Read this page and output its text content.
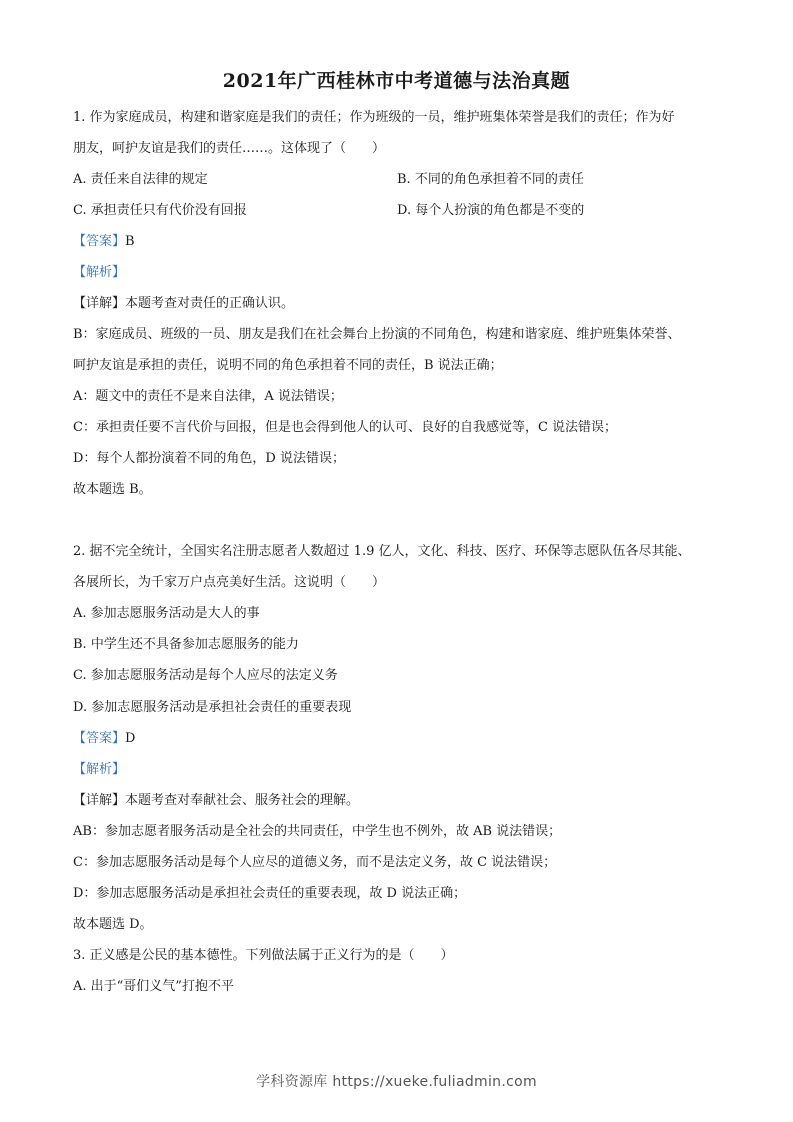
2021年广西桂林市中考道德与法治真题
1. 作为家庭成员，构建和谐家庭是我们的责任；作为班级的一员，维护班集体荣誉是我们的责任；作为好
朋友，呵护友谊是我们的责任……。这体现了（　　）
A. 责任来自法律的规定	B. 不同的角色承担着不同的责任
C. 承担责任只有代价没有回报	D. 每个人扮演的角色都是不变的
【答案】B
【解析】
【详解】本题考查对责任的正确认识。
B：家庭成员、班级的一员、朋友是我们在社会舞台上扮演的不同角色，构建和谐家庭、维护班集体荣誉、
呵护友谊是承担的责任，说明不同的角色承担着不同的责任，B 说法正确；
A：题文中的责任不是来自法律，A 说法错误；
C：承担责任要不言代价与回报，但是也会得到他人的认可、良好的自我感觉等，C 说法错误；
D：每个人都扮演着不同的角色，D 说法错误；
故本题选 B。
2. 据不完全统计，全国实名注册志愿者人数超过 1.9 亿人，文化、科技、医疗、环保等志愿队伍各尽其能、
各展所长，为千家万户点亮美好生活。这说明（　　）
A. 参加志愿服务活动是大人的事
B. 中学生还不具备参加志愿服务的能力
C. 参加志愿服务活动是每个人应尽的法定义务
D. 参加志愿服务活动是承担社会责任的重要表现
【答案】D
【解析】
【详解】本题考查对奉献社会、服务社会的理解。
AB：参加志愿者服务活动是全社会的共同责任，中学生也不例外，故 AB 说法错误；
C：参加志愿服务活动是每个人应尽的道德义务，而不是法定义务，故 C 说法错误；
D：参加志愿服务活动是承担社会责任的重要表现，故 D 说法正确；
故本题选 D。
3. 正义感是公民的基本德性。下列做法属于正义行为的是（　　）
A. 出于“哥们义气”打抱不平
学科资源库 https://xueke.fuliadmin.com
